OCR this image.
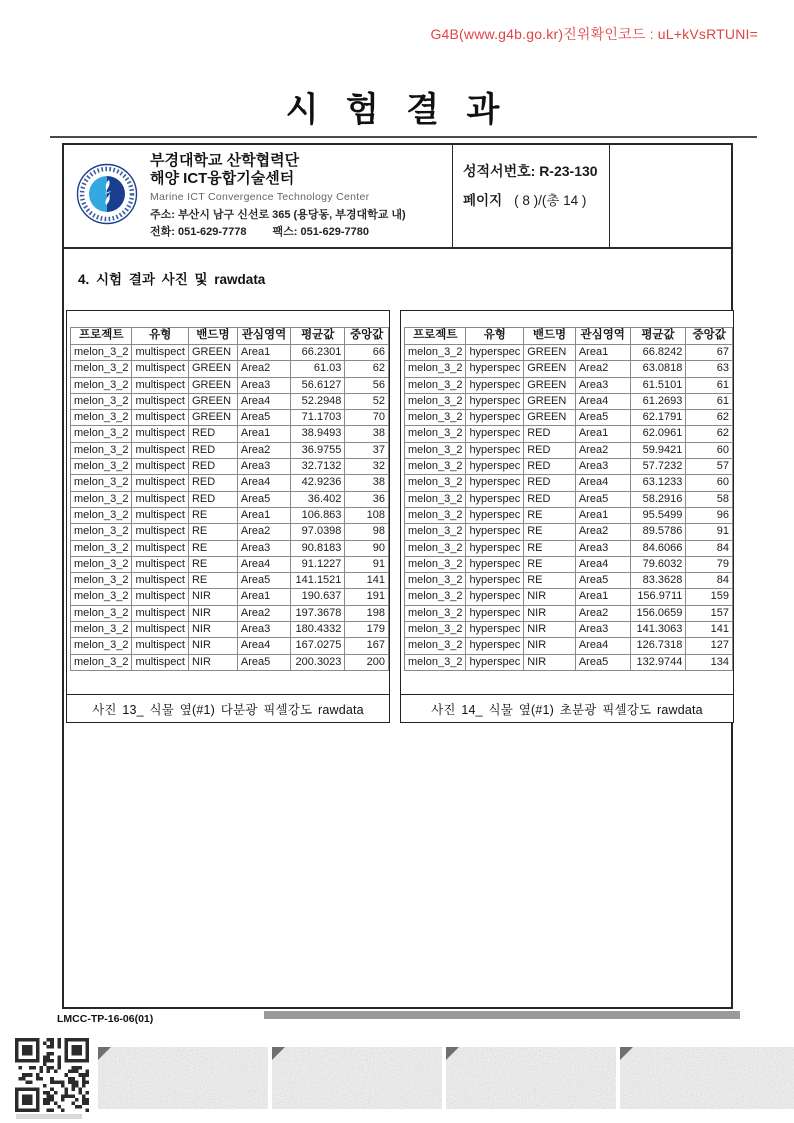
G4B(www.g4b.go.kr)진위확인코드 : uL+kVsRTUNI=
시 험 결 과
부경대학교 산학협력단
해양 ICT융합기술센터
Marine ICT Convergence Technology Center
주소: 부산시 남구 신선로 365 (용당동, 부경대학교 내)
전화: 051-629-7778 팩스: 051-629-7780
성적서번호: R-23-130
페이지 ( 8 )/(총 14 )
4. 시험 결과 사진 및 rawdata
프로젝트	유형	밴드명	관심영역	평균값	중앙값
melon_3_2	multispect	GREEN	Area1	66.2301	66
melon_3_2	multispect	GREEN	Area2	61.03	62
melon_3_2	multispect	GREEN	Area3	56.6127	56
melon_3_2	multispect	GREEN	Area4	52.2948	52
melon_3_2	multispect	GREEN	Area5	71.1703	70
melon_3_2	multispect	RED	Area1	38.9493	38
melon_3_2	multispect	RED	Area2	36.9755	37
melon_3_2	multispect	RED	Area3	32.7132	32
melon_3_2	multispect	RED	Area4	42.9236	38
melon_3_2	multispect	RED	Area5	36.402	36
melon_3_2	multispect	RE	Area1	106.863	108
melon_3_2	multispect	RE	Area2	97.0398	98
melon_3_2	multispect	RE	Area3	90.8183	90
melon_3_2	multispect	RE	Area4	91.1227	91
melon_3_2	multispect	RE	Area5	141.1521	141
melon_3_2	multispect	NIR	Area1	190.637	191
melon_3_2	multispect	NIR	Area2	197.3678	198
melon_3_2	multispect	NIR	Area3	180.4332	179
melon_3_2	multispect	NIR	Area4	167.0275	167
melon_3_2	multispect	NIR	Area5	200.3023	200
사진 13_ 식물 옆(#1) 다분광 픽셀강도 rawdata
프로젝트	유형	밴드명	관심영역	평균값	중앙값
melon_3_2	hyperspec	GREEN	Area1	66.8242	67
melon_3_2	hyperspec	GREEN	Area2	63.0818	63
melon_3_2	hyperspec	GREEN	Area3	61.5101	61
melon_3_2	hyperspec	GREEN	Area4	61.2693	61
melon_3_2	hyperspec	GREEN	Area5	62.1791	62
melon_3_2	hyperspec	RED	Area1	62.0961	62
melon_3_2	hyperspec	RED	Area2	59.9421	60
melon_3_2	hyperspec	RED	Area3	57.7232	57
melon_3_2	hyperspec	RED	Area4	63.1233	60
melon_3_2	hyperspec	RED	Area5	58.2916	58
melon_3_2	hyperspec	RE	Area1	95.5499	96
melon_3_2	hyperspec	RE	Area2	89.5786	91
melon_3_2	hyperspec	RE	Area3	84.6066	84
melon_3_2	hyperspec	RE	Area4	79.6032	79
melon_3_2	hyperspec	RE	Area5	83.3628	84
melon_3_2	hyperspec	NIR	Area1	156.9711	159
melon_3_2	hyperspec	NIR	Area2	156.0659	157
melon_3_2	hyperspec	NIR	Area3	141.3063	141
melon_3_2	hyperspec	NIR	Area4	126.7318	127
melon_3_2	hyperspec	NIR	Area5	132.9744	134
사진 14_ 식물 옆(#1) 초분광 픽셀강도 rawdata
LMCC-TP-16-06(01)
